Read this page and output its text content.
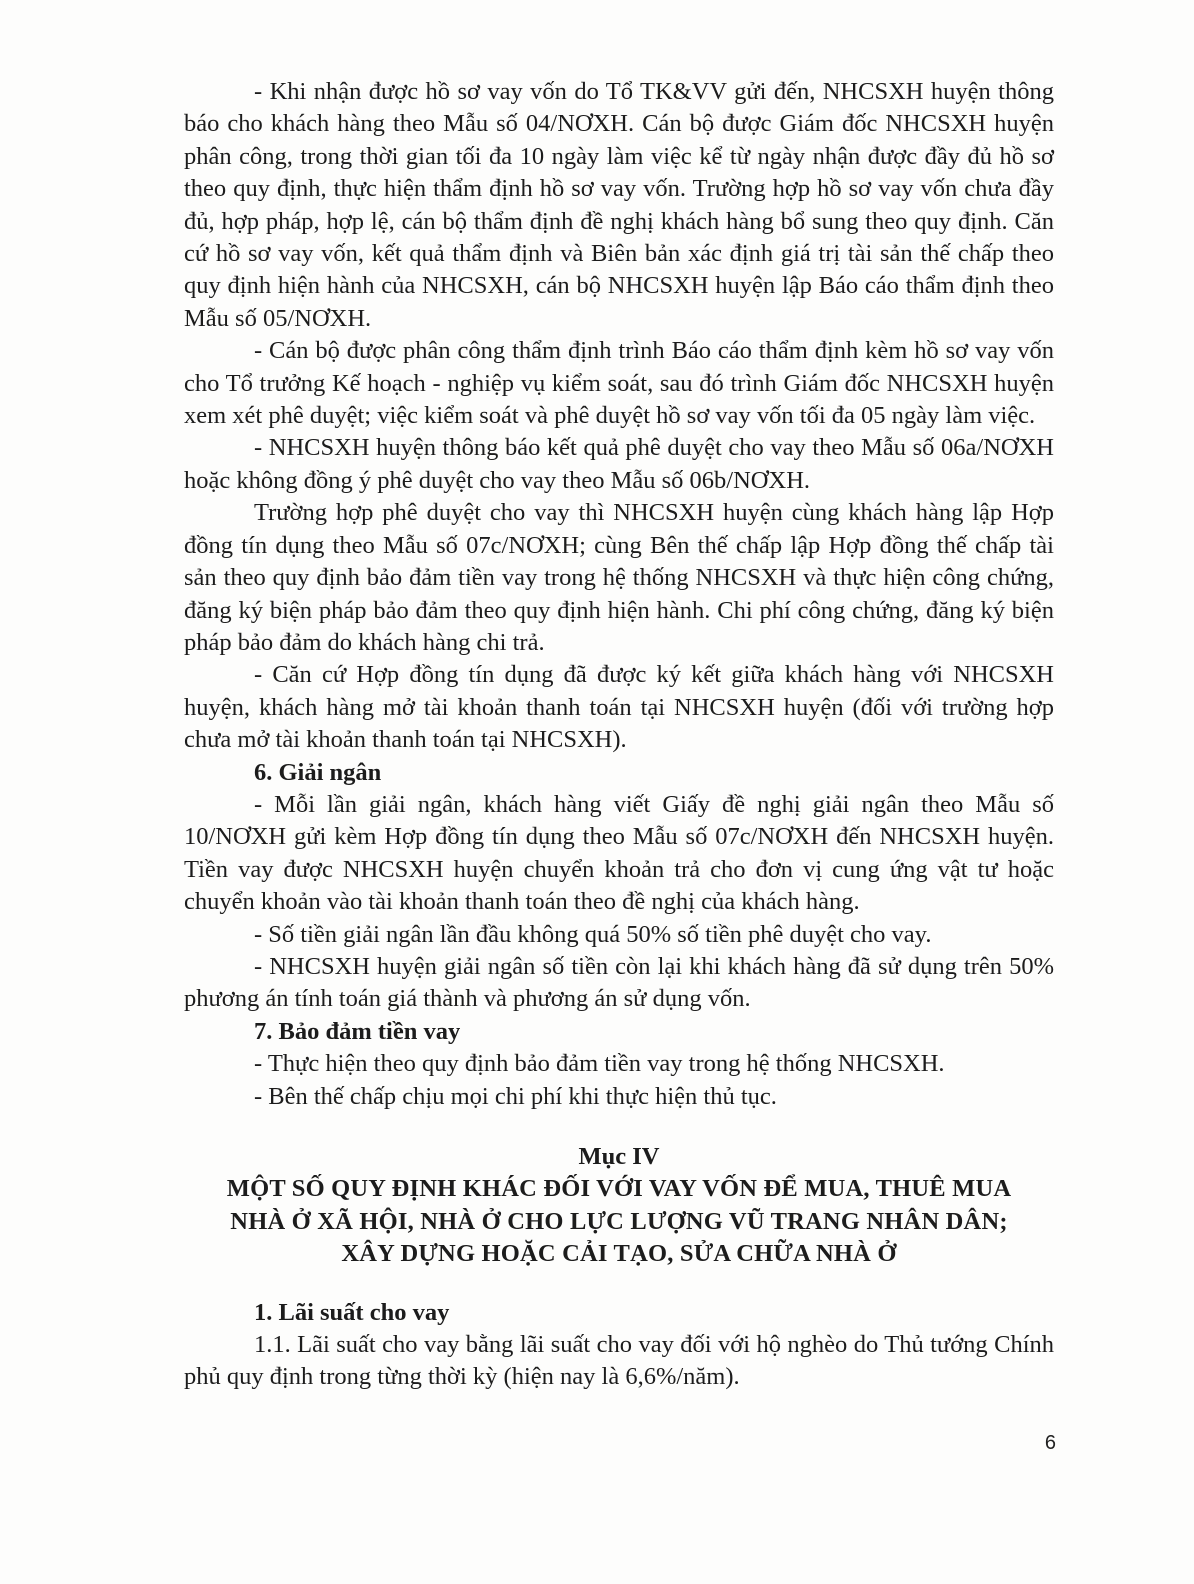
- Khi nhận được hồ sơ vay vốn do Tổ TK&VV gửi đến, NHCSXH huyện thông báo cho khách hàng theo Mẫu số 04/NƠXH. Cán bộ được Giám đốc NHCSXH huyện phân công, trong thời gian tối đa 10 ngày làm việc kể từ ngày nhận được đầy đủ hồ sơ theo quy định, thực hiện thẩm định hồ sơ vay vốn. Trường hợp hồ sơ vay vốn chưa đầy đủ, hợp pháp, hợp lệ, cán bộ thẩm định đề nghị khách hàng bổ sung theo quy định. Căn cứ hồ sơ vay vốn, kết quả thẩm định và Biên bản xác định giá trị tài sản thế chấp theo quy định hiện hành của NHCSXH, cán bộ NHCSXH huyện lập Báo cáo thẩm định theo Mẫu số 05/NƠXH.

- Cán bộ được phân công thẩm định trình Báo cáo thẩm định kèm hồ sơ vay vốn cho Tổ trưởng Kế hoạch - nghiệp vụ kiểm soát, sau đó trình Giám đốc NHCSXH huyện xem xét phê duyệt; việc kiểm soát và phê duyệt hồ sơ vay vốn tối đa 05 ngày làm việc.

- NHCSXH huyện thông báo kết quả phê duyệt cho vay theo Mẫu số 06a/NƠXH hoặc không đồng ý phê duyệt cho vay theo Mẫu số 06b/NƠXH.

Trường hợp phê duyệt cho vay thì NHCSXH huyện cùng khách hàng lập Hợp đồng tín dụng theo Mẫu số 07c/NƠXH; cùng Bên thế chấp lập Hợp đồng thế chấp tài sản theo quy định bảo đảm tiền vay trong hệ thống NHCSXH và thực hiện công chứng, đăng ký biện pháp bảo đảm theo quy định hiện hành. Chi phí công chứng, đăng ký biện pháp bảo đảm do khách hàng chi trả.

- Căn cứ Hợp đồng tín dụng đã được ký kết giữa khách hàng với NHCSXH huyện, khách hàng mở tài khoản thanh toán tại NHCSXH huyện (đối với trường hợp chưa mở tài khoản thanh toán tại NHCSXH).

6. Giải ngân

- Mỗi lần giải ngân, khách hàng viết Giấy đề nghị giải ngân theo Mẫu số 10/NƠXH gửi kèm Hợp đồng tín dụng theo Mẫu số 07c/NƠXH đến NHCSXH huyện. Tiền vay được NHCSXH huyện chuyển khoản trả cho đơn vị cung ứng vật tư hoặc chuyển khoản vào tài khoản thanh toán theo đề nghị của khách hàng.

- Số tiền giải ngân lần đầu không quá 50% số tiền phê duyệt cho vay.

- NHCSXH huyện giải ngân số tiền còn lại khi khách hàng đã sử dụng trên 50% phương án tính toán giá thành và phương án sử dụng vốn.

7. Bảo đảm tiền vay

- Thực hiện theo quy định bảo đảm tiền vay trong hệ thống NHCSXH.

- Bên thế chấp chịu mọi chi phí khi thực hiện thủ tục.

Mục IV
MỘT SỐ QUY ĐỊNH KHÁC ĐỐI VỚI VAY VỐN ĐỂ MUA, THUÊ MUA
NHÀ Ở XÃ HỘI, NHÀ Ở CHO LỰC LƯỢNG VŨ TRANG NHÂN DÂN;
XÂY DỰNG HOẶC CẢI TẠO, SỬA CHỮA NHÀ Ở

1. Lãi suất cho vay

1.1. Lãi suất cho vay bằng lãi suất cho vay đối với hộ nghèo do Thủ tướng Chính phủ quy định trong từng thời kỳ (hiện nay là 6,6%/năm).

6
